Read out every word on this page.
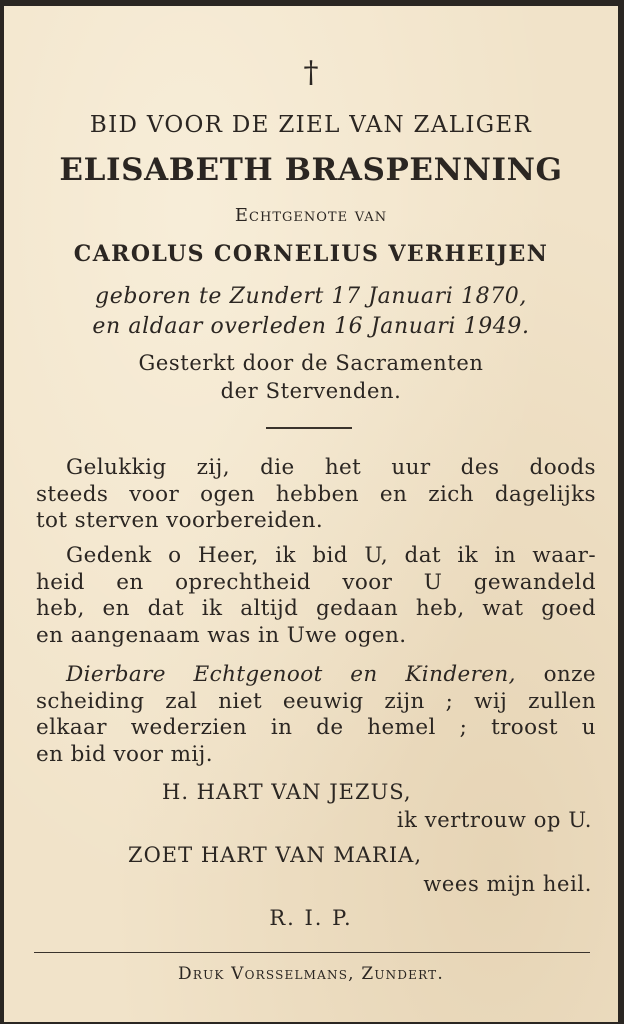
†
BID VOOR DE ZIEL VAN ZALIGER
ELISABETH BRASPENNING
Echtgenote van
CAROLUS CORNELIUS VERHEIJEN
geboren te Zundert 17 Januari 1870,
en aldaar overleden 16 Januari 1949.
Gesterkt door de Sacramenten
der Stervenden.
Gelukkig zij, die het uur des doods
steeds voor ogen hebben en zich dagelijks
tot sterven voorbereiden.
Gedenk o Heer, ik bid U, dat ik in waar-
heid en oprechtheid voor U gewandeld
heb, en dat ik altijd gedaan heb, wat goed
en aangenaam was in Uwe ogen.
Dierbare Echtgenoot en Kinderen, onze
scheiding zal niet eeuwig zijn ; wij zullen
elkaar wederzien in de hemel ; troost u
en bid voor mij.
H. HART VAN JEZUS,
ik vertrouw op U.
ZOET HART VAN MARIA,
wees mijn heil.
R. I. P.
Druk Vorsselmans, Zundert.
